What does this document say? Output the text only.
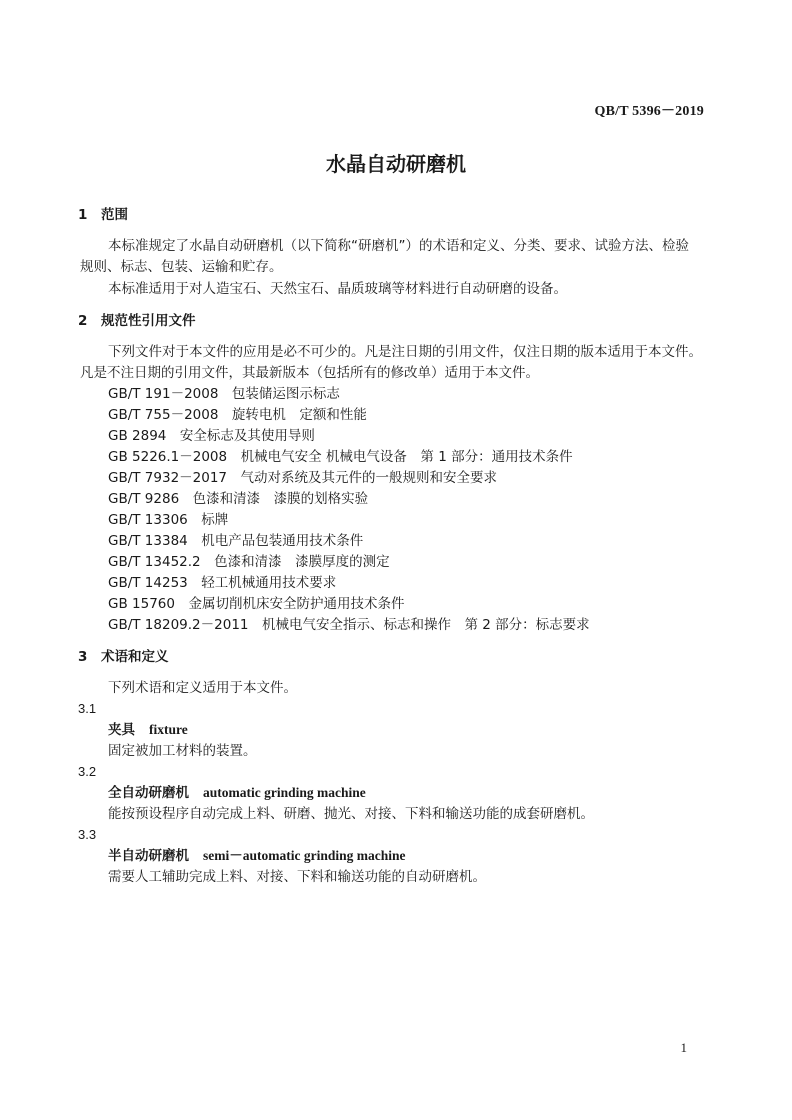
QB/T 5396－2019
水晶自动研磨机
1 范围
本标准规定了水晶自动研磨机（以下简称“研磨机”）的术语和定义、分类、要求、试验方法、检验
规则、标志、包装、运输和贮存。
本标准适用于对人造宝石、天然宝石、晶质玻璃等材料进行自动研磨的设备。
2 规范性引用文件
下列文件对于本文件的应用是必不可少的。凡是注日期的引用文件，仅注日期的版本适用于本文件。
凡是不注日期的引用文件，其最新版本（包括所有的修改单）适用于本文件。
GB/T 191－2008　包装储运图示标志
GB/T 755－2008　旋转电机　定额和性能
GB 2894　安全标志及其使用导则
GB 5226.1－2008　机械电气安全 机械电气设备　第 1 部分：通用技术条件
GB/T 7932－2017　气动对系统及其元件的一般规则和安全要求
GB/T 9286　色漆和清漆　漆膜的划格实验
GB/T 13306　标牌
GB/T 13384　机电产品包装通用技术条件
GB/T 13452.2　色漆和清漆　漆膜厚度的测定
GB/T 14253　轻工机械通用技术要求
GB 15760　金属切削机床安全防护通用技术条件
GB/T 18209.2－2011　机械电气安全指示、标志和操作　第 2 部分：标志要求
3 术语和定义
下列术语和定义适用于本文件。
3.1
夹具 fixture
固定被加工材料的装置。
3.2
全自动研磨机 automatic grinding machine
能按预设程序自动完成上料、研磨、抛光、对接、下料和输送功能的成套研磨机。
3.3
半自动研磨机 semi－automatic grinding machine
需要人工辅助完成上料、对接、下料和输送功能的自动研磨机。
1
